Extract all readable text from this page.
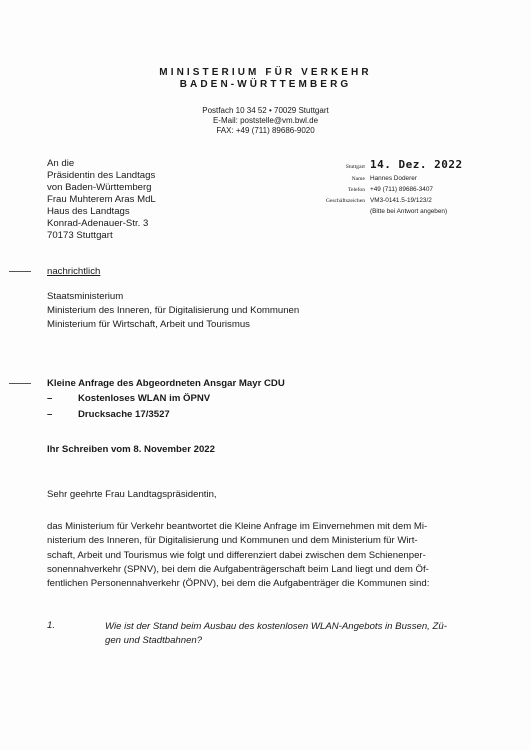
MINISTERIUM FÜR VERKEHR
BADEN-WÜRTTEMBERG
Postfach 10 34 52 • 70029 Stuttgart
E-Mail: poststelle@vm.bwl.de
FAX: +49 (711) 89686-9020
An die
Präsidentin des Landtags
von Baden-Württemberg
Frau Muhterem Aras MdL
Haus des Landtags
Konrad-Adenauer-Str. 3
70173 Stuttgart
Stuttgart 14. Dez. 2022
Name Hannes Doderer
Telefon +49 (711) 89686-3407
Geschäftszeichen VM3-0141.5-19/123/2
(Bitte bei Antwort angeben)
nachrichtlich
Staatsministerium
Ministerium des Inneren, für Digitalisierung und Kommunen
Ministerium für Wirtschaft, Arbeit und Tourismus
Kleine Anfrage des Abgeordneten Ansgar Mayr CDU
–	Kostenloses WLAN im ÖPNV
–	Drucksache 17/3527
Ihr Schreiben vom 8. November 2022
Sehr geehrte Frau Landtagspräsidentin,
das Ministerium für Verkehr beantwortet die Kleine Anfrage im Einvernehmen mit dem Mi-
nisterium des Inneren, für Digitalisierung und Kommunen und dem Ministerium für Wirt-
schaft, Arbeit und Tourismus wie folgt und differenziert dabei zwischen dem Schienenper-
sonennahverkehr (SPNV), bei dem die Aufgabenträgerschaft beim Land liegt und dem Öf-
fentlichen Personennahverkehr (ÖPNV), bei dem die Aufgabenträger die Kommunen sind:
1.	Wie ist der Stand beim Ausbau des kostenlosen WLAN-Angebots in Bussen, Zü-
gen und Stadtbahnen?
